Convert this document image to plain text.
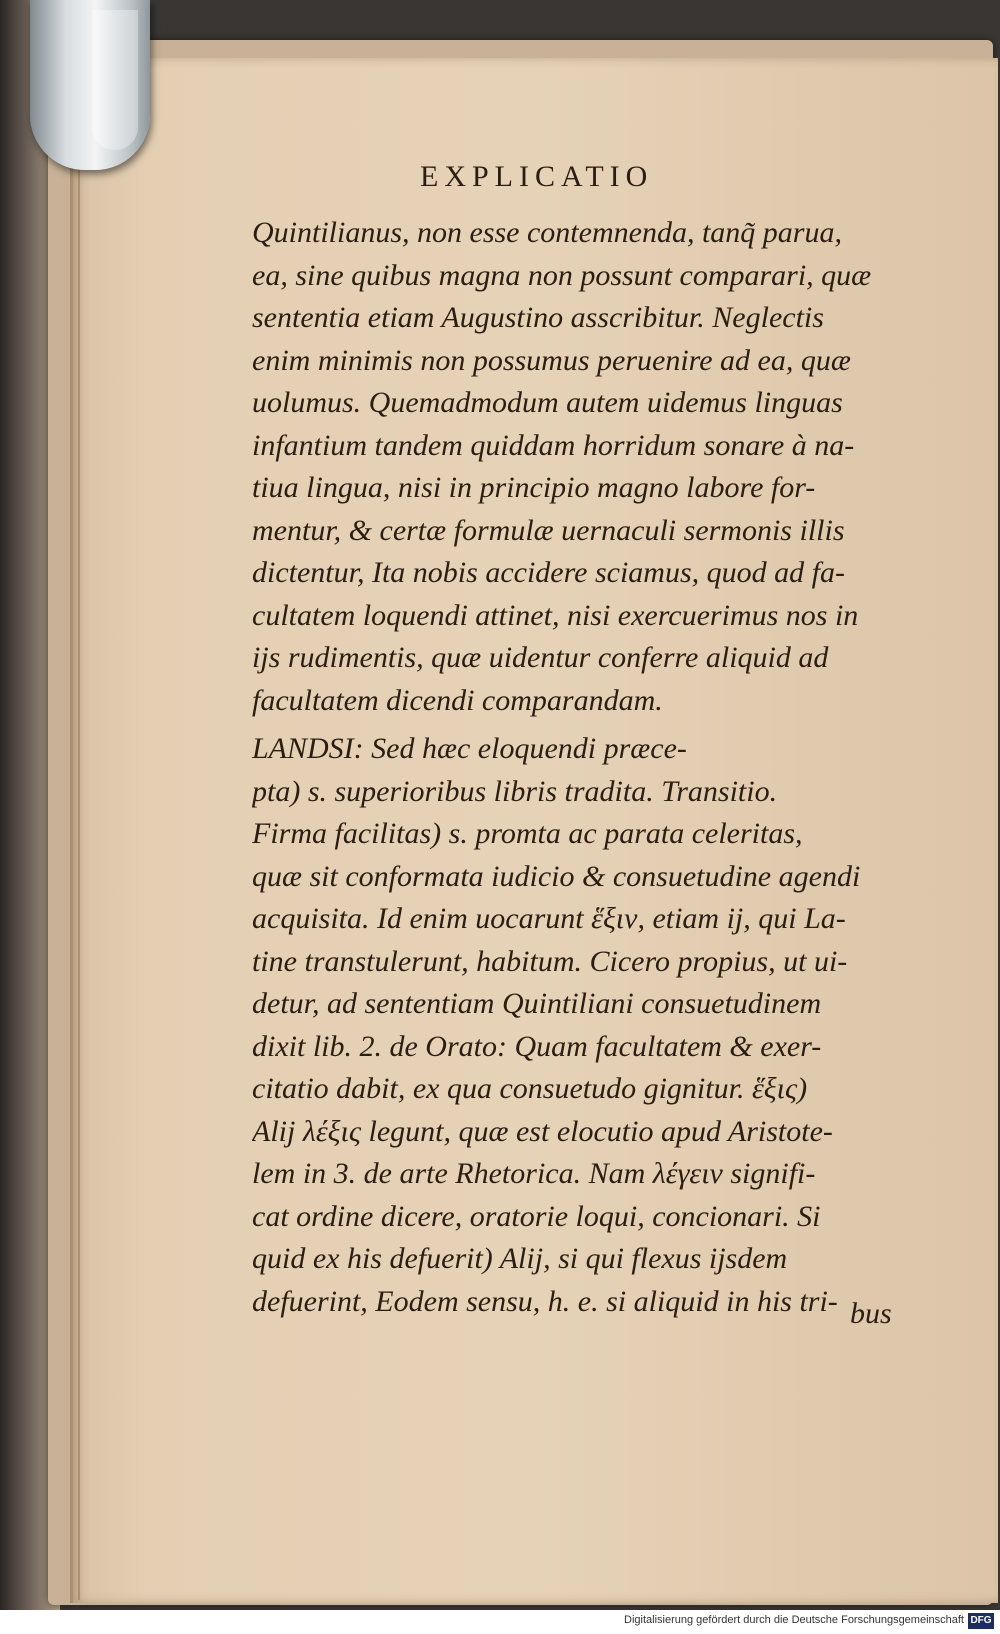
EXPLICATIO
Quintilianus, non esse contemnenda, tanq̃ parua,
ea, sine quibus magna non possunt comparari, quæ
sententia etiam Augustino asscribitur. Neglectis
enim minimis non possumus peruenire ad ea, quæ
uolumus. Quemadmodum autem uidemus linguas
infantium tandem quiddam horridum sonare à na-
tiua lingua, nisi in principio magno labore for-
mentur, & certæ formulæ uernaculi sermonis illis
dictentur, Ita nobis accidere sciamus, quod ad fa-
cultatem loquendi attinet, nisi exercuerimus nos in
ijs rudimentis, quæ uidentur conferre aliquid ad
facultatem dicendi comparandam.
LANDSI: Sed hæc eloquendi præce-
pta) s. superioribus libris tradita. Transitio.
Firma facilitas) s. promta ac parata celeritas,
quæ sit conformata iudicio & consuetudine agendi
acquisita. Id enim uocarunt ἕξιν, etiam ij, qui La-
tine transtulerunt, habitum. Cicero propius, ut ui-
detur, ad sententiam Quintiliani consuetudinem
dixit lib. 2. de Orato: Quam facultatem & exer-
citatio dabit, ex qua consuetudo gignitur. ἕξις)
Alij λέξις legunt, quæ est elocutio apud Aristote-
lem in 3. de arte Rhetorica. Nam λέγειν signifi-
cat ordine dicere, oratorie loqui, concionari. Si
quid ex his defuerit) Alij, si qui flexus ijsdem
defuerint, Eodem sensu, h. e. si aliquid in his tri- bus
Digitalisierung gefördert durch die Deutsche Forschungsgemeinschaft DFG
